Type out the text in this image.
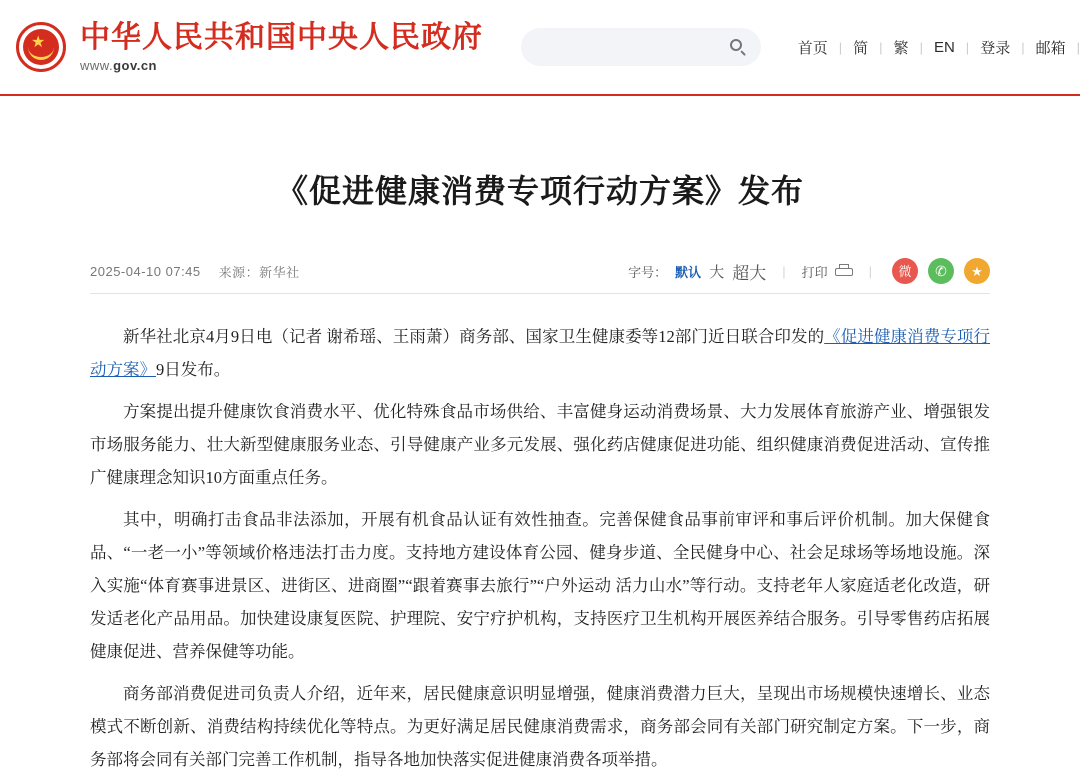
★ 中华人民共和国中央人民政府
www.gov.cn
首页 | 简 | 繁 | EN | 登录 | 邮箱 |
《促进健康消费专项行动方案》发布
2025-04-10 07:45 来源：新华社	字号： 默认 大 超大 | 打印	|	微	✆	★

新华社北京4月9日电（记者 谢希瑶、王雨萧）商务部、国家卫生健康委等12部门近日联合印发的《促进健康消费专项行动方案》9日发布。

方案提出提升健康饮食消费水平、优化特殊食品市场供给、丰富健身运动消费场景、大力发展体育旅游产业、增强银发市场服务能力、壮大新型健康服务业态、引导健康产业多元发展、强化药店健康促进功能、组织健康消费促进活动、宣传推广健康理念知识10方面重点任务。

其中，明确打击食品非法添加，开展有机食品认证有效性抽查。完善保健食品事前审评和事后评价机制。加大保健食品、“一老一小”等领域价格违法打击力度。支持地方建设体育公园、健身步道、全民健身中心、社会足球场等场地设施。深入实施“体育赛事进景区、进街区、进商圈”“跟着赛事去旅行”“户外运动 活力山水”等行动。支持老年人家庭适老化改造，研发适老化产品用品。加快建设康复医院、护理院、安宁疗护机构，支持医疗卫生机构开展医养结合服务。引导零售药店拓展健康促进、营养保健等功能。

商务部消费促进司负责人介绍，近年来，居民健康意识明显增强，健康消费潜力巨大，呈现出市场规模快速增长、业态模式不断创新、消费结构持续优化等特点。为更好满足居民健康消费需求，商务部会同有关部门研究制定方案。下一步，商务部将会同有关部门完善工作机制，指导各地加快落实促进健康消费各项举措。
